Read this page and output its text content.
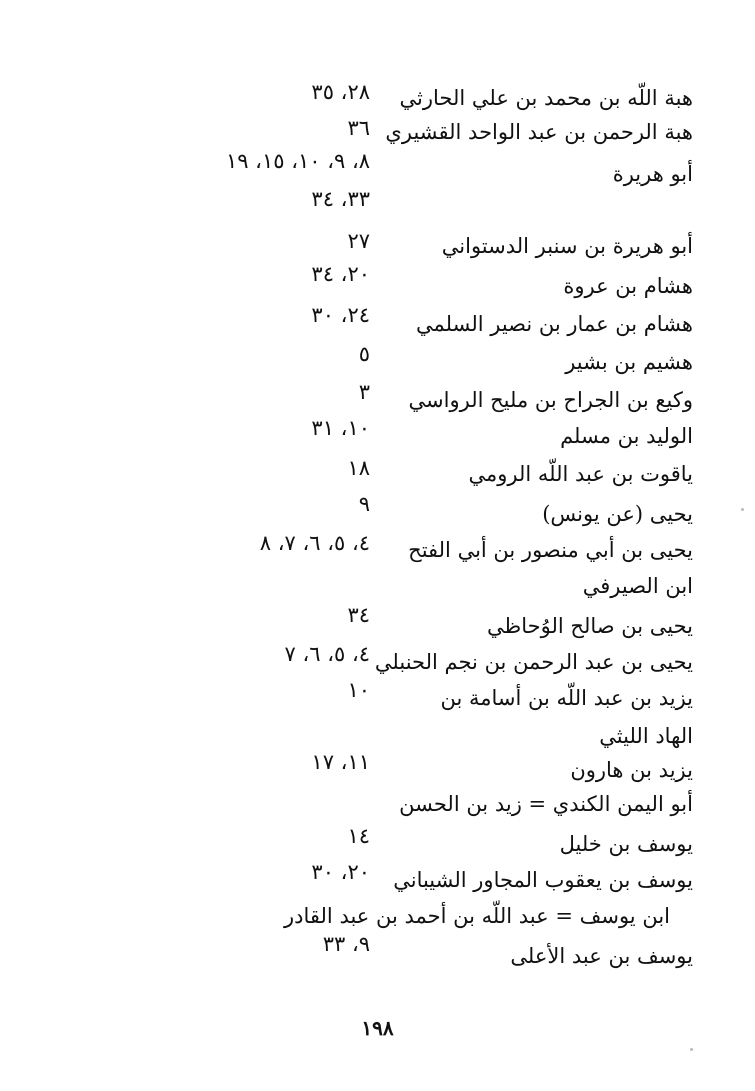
هبة اللّه بن محمد بن علي الحارثي
٢٨، ٣٥
هبة الرحمن بن عبد الواحد القشيري
٣٦
أبو هريرة
٨، ٩، ١٠، ١٥، ١٩
٣٣، ٣٤
أبو هريرة بن سنبر الدستواني
٢٧
هشام بن عروة
٢٠، ٣٤
هشام بن عمار بن نصير السلمي
٢٤، ٣٠
هشيم بن بشير
٥
وكيع بن الجراح بن مليح الرواسي
٣
الوليد بن مسلم
١٠، ٣١
ياقوت بن عبد اللّه الرومي
١٨
يحيى (عن يونس)
٩
يحيى بن أبي منصور بن أبي الفتح
٤، ٥، ٦، ٧، ٨
ابن الصيرفي
يحيى بن صالح الوُحاظي
٣٤
يحيى بن عبد الرحمن بن نجم الحنبلي
٤، ٥، ٦، ٧
يزيد بن عبد اللّه بن أسامة بن
١٠
الهاد الليثي
يزيد بن هارون
١١، ١٧
أبو اليمن الكندي = زيد بن الحسن
يوسف بن خليل
١٤
يوسف بن يعقوب المجاور الشيباني
٢٠، ٣٠
ابن يوسف = عبد اللّه بن أحمد بن عبد القادر
يوسف بن عبد الأعلى
٩، ٣٣
١٩٨
